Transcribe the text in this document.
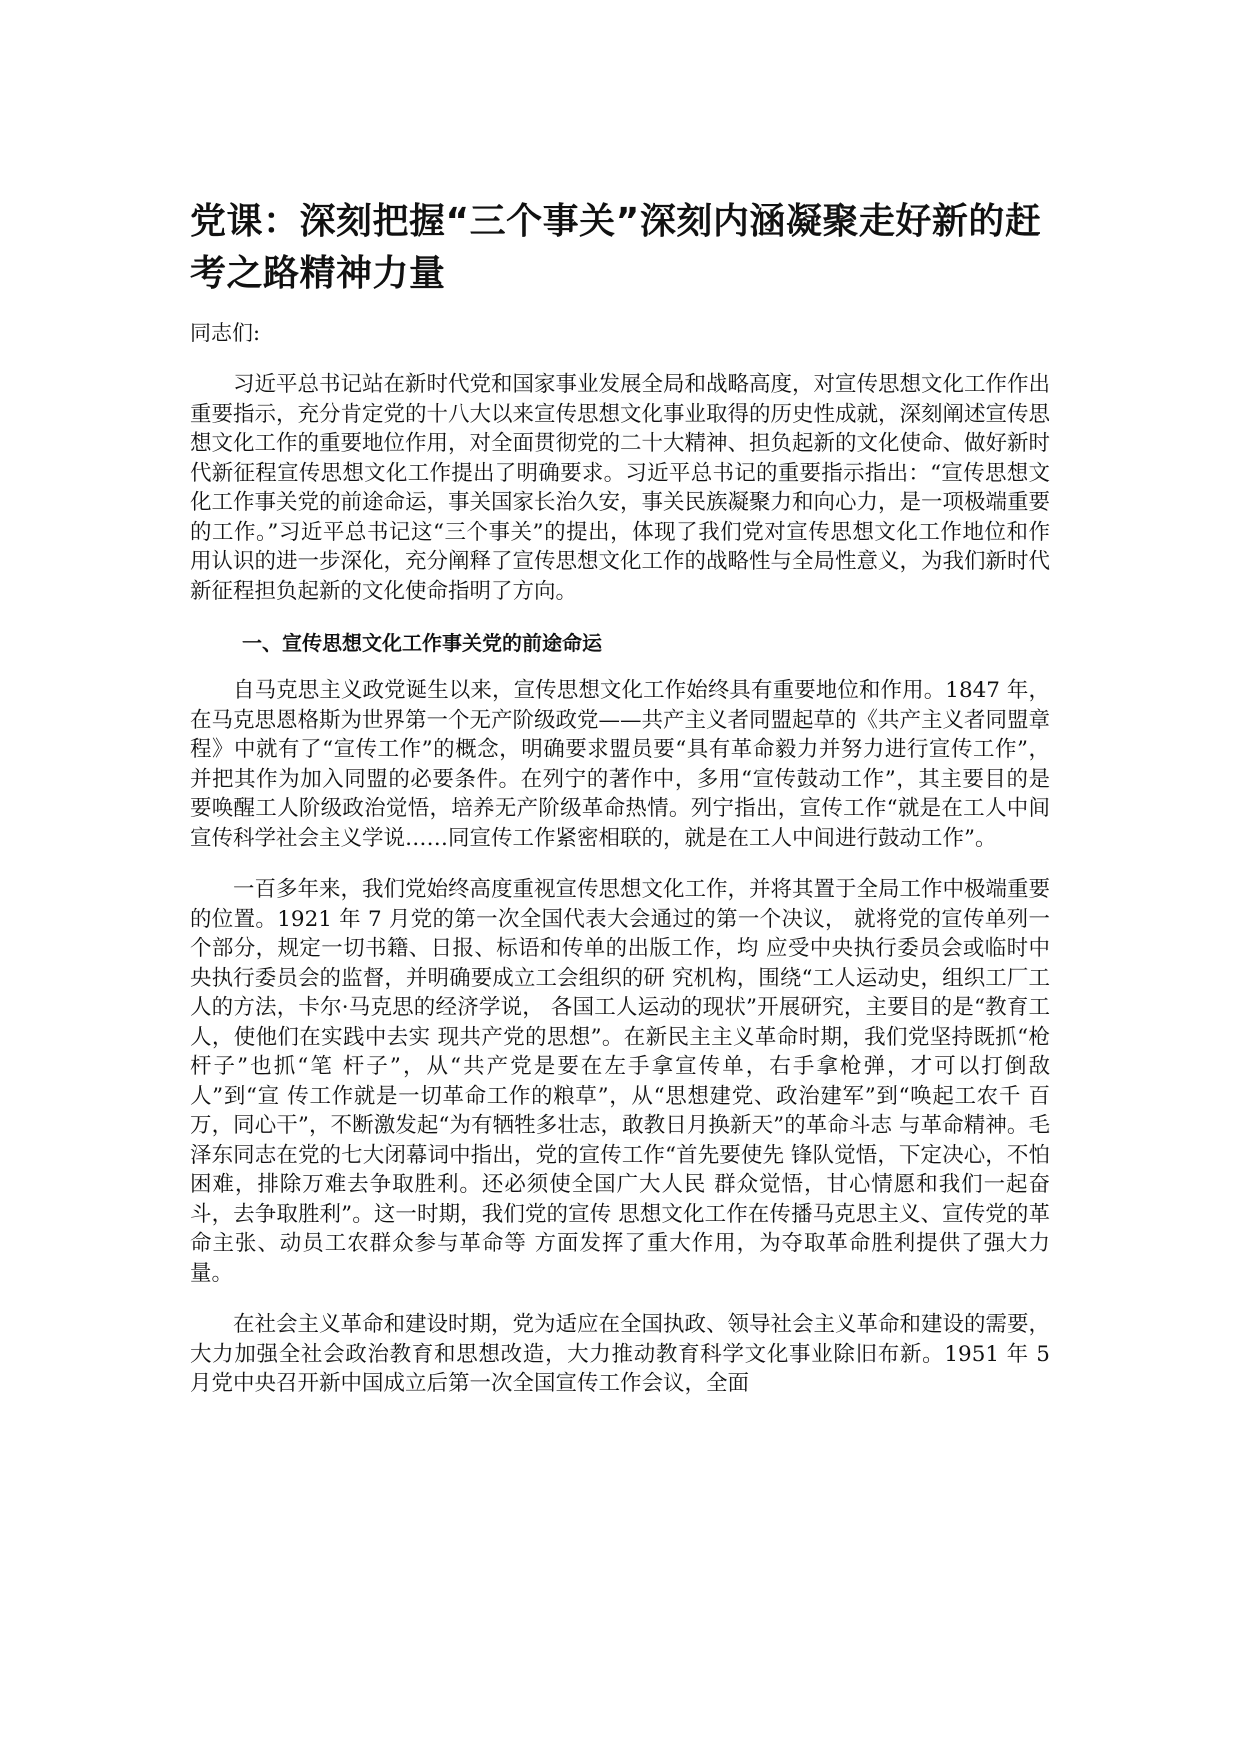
党课：深刻把握“三个事关”深刻内涵凝聚走好新的赶考之路精神力量

同志们:

习近平总书记站在新时代党和国家事业发展全局和战略高度，对宣传思想文化工作作出重要指示，充分肯定党的十八大以来宣传思想文化事业取得的历史性成就，深刻阐述宣传思想文化工作的重要地位作用，对全面贯彻党的二十大精神、担负起新的文化使命、做好新时代新征程宣传思想文化工作提出了明确要求。习近平总书记的重要指示指出：“宣传思想文化工作事关党的前途命运，事关国家长治久安，事关民族凝聚力和向心力，是一项极端重要的工作。”习近平总书记这“三个事关”的提出，体现了我们党对宣传思想文化工作地位和作用认识的进一步深化，充分阐释了宣传思想文化工作的战略性与全局性意义，为我们新时代新征程担负起新的文化使命指明了方向。

一、宣传思想文化工作事关党的前途命运

自马克思主义政党诞生以来，宣传思想文化工作始终具有重要地位和作用。1847 年，在马克思恩格斯为世界第一个无产阶级政党——共产主义者同盟起草的《共产主义者同盟章程》中就有了“宣传工作”的概念，明确要求盟员要“具有革命毅力并努力进行宣传工作”，并把其作为加入同盟的必要条件。在列宁的著作中，多用“宣传鼓动工作”，其主要目的是要唤醒工人阶级政治觉悟，培养无产阶级革命热情。列宁指出，宣传工作“就是在工人中间宣传科学社会主义学说……同宣传工作紧密相联的，就是在工人中间进行鼓动工作”。

一百多年来，我们党始终高度重视宣传思想文化工作，并将其置于全局工作中极端重要的位置。1921 年 7 月党的第一次全国代表大会通过的第一个决议， 就将党的宣传单列一个部分，规定一切书籍、日报、标语和传单的出版工作，均 应受中央执行委员会或临时中央执行委员会的监督，并明确要成立工会组织的研 究机构，围绕“工人运动史，组织工厂工人的方法，卡尔·马克思的经济学说， 各国工人运动的现状”开展研究，主要目的是“教育工人，使他们在实践中去实 现共产党的思想”。在新民主主义革命时期，我们党坚持既抓“枪杆子”也抓“笔 杆子”，从“共产党是要在左手拿宣传单，右手拿枪弹，才可以打倒敌人”到“宣 传工作就是一切革命工作的粮草”，从“思想建党、政治建军”到“唤起工农千 百万，同心干”，不断激发起“为有牺牲多壮志，敢教日月换新天”的革命斗志 与革命精神。毛泽东同志在党的七大闭幕词中指出，党的宣传工作“首先要使先 锋队觉悟，下定决心，不怕困难，排除万难去争取胜利。还必须使全国广大人民 群众觉悟，甘心情愿和我们一起奋斗，去争取胜利”。这一时期，我们党的宣传 思想文化工作在传播马克思主义、宣传党的革命主张、动员工农群众参与革命等 方面发挥了重大作用，为夺取革命胜利提供了强大力量。

在社会主义革命和建设时期，党为适应在全国执政、领导社会主义革命和建设的需要，大力加强全社会政治教育和思想改造，大力推动教育科学文化事业除旧布新。1951 年 5 月党中央召开新中国成立后第一次全国宣传工作会议，全面
